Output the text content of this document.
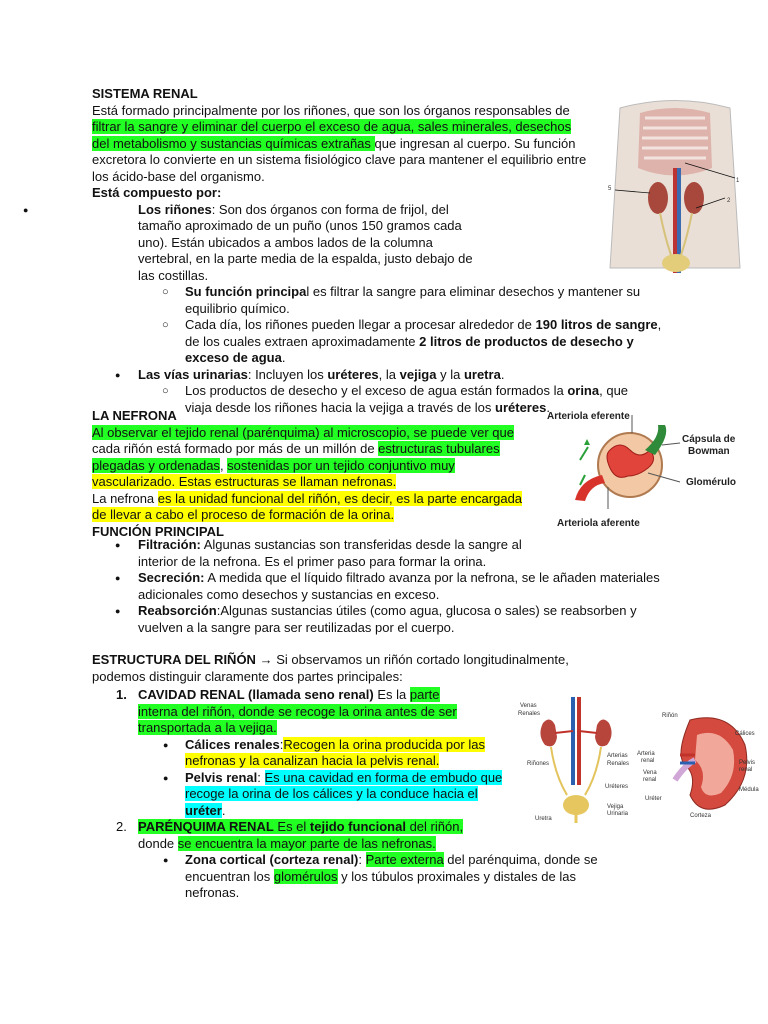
SISTEMA RENAL

Está formado principalmente por los riñones, que son los órganos responsables de

filtrar la sangre y eliminar del cuerpo el exceso de agua, sales minerales, desechos

del metabolismo y sustancias químicas extrañas que ingresan al cuerpo. Su función

excretora lo convierte en un sistema fisiológico clave para mantener el equilibrio entre

los ácido-base del organismo.

Está compuesto por:

● Los riñones: Son dos órganos con forma de frijol, del tamaño aproximado de un puño (unos 150 gramos cada uno). Están ubicados a ambos lados de la columna vertebral, en la parte media de la espalda, justo debajo de las costillas.
○ Su función principal es filtrar la sangre para eliminar desechos y mantener su equilibrio químico.
○ Cada día, los riñones pueden llegar a procesar alrededor de 190 litros de sangre, de los cuales extraen aproximadamente 2 litros de productos de desecho y exceso de agua.
● Las vías urinarias: Incluyen los uréteres, la vejiga y la uretra.
○ Los productos de desecho y el exceso de agua están formados la orina, que viaja desde los riñones hacia la vejiga a través de los uréteres.

LA NEFRONA

Al observar el tejido renal (parénquima) al microscopio, se puede ver que

cada riñón está formado por más de un millón de estructuras tubulares

plegadas y ordenadas, sostenidas por un tejido conjuntivo muy

vascularizado. Estas estructuras se llaman nefronas.

La nefrona es la unidad funcional del riñón, es decir, es la parte encargada

de llevar a cabo el proceso de formación de la orina.

FUNCIÓN PRINCIPAL

● Filtración: Algunas sustancias son transferidas desde la sangre al interior de la nefrona. Es el primer paso para formar la orina.
● Secreción: A medida que el líquido filtrado avanza por la nefrona, se le añaden materiales adicionales como desechos y sustancias en exceso.
● Reabsorción:Algunas sustancias útiles (como agua, glucosa o sales) se reabsorben y vuelven a la sangre para ser reutilizadas por el cuerpo.

ESTRUCTURA DEL RIÑÓN → Si observamos un riñón cortado longitudinalmente,

podemos distinguir claramente dos partes principales:

1. CAVIDAD RENAL (llamada seno renal) Es la parte
interna del riñón, donde se recoge la orina antes de ser
transportada a la vejiga.
● Cálices renales:Recogen la orina producida por las nefronas y la canalizan hacia la pelvis renal.
● Pelvis renal: Es una cavidad en forma de embudo que recoge la orina de los cálices y la conduce hacia el uréter.
2. PARÉNQUIMA RENAL Es el tejido funcional del riñón,
donde se encuentra la mayor parte de las nefronas.
● Zona cortical (corteza renal): Parte externa del parénquima, donde se encuentran los glomérulos y los túbulos proximales y distales de las nefronas.
1
2
5
Arteriola eferente
Cápsula de
Bowman
Glomérulo
Arteriola aferente
Venas
Renales
Riñones
Arterias
Renales
Uréteres
Vejiga
Urinaria
Uretra
Riñón
Cálices
Arteria
renal
Vena
renal
Pelvis
renal
Médula
Uréter
Corteza
